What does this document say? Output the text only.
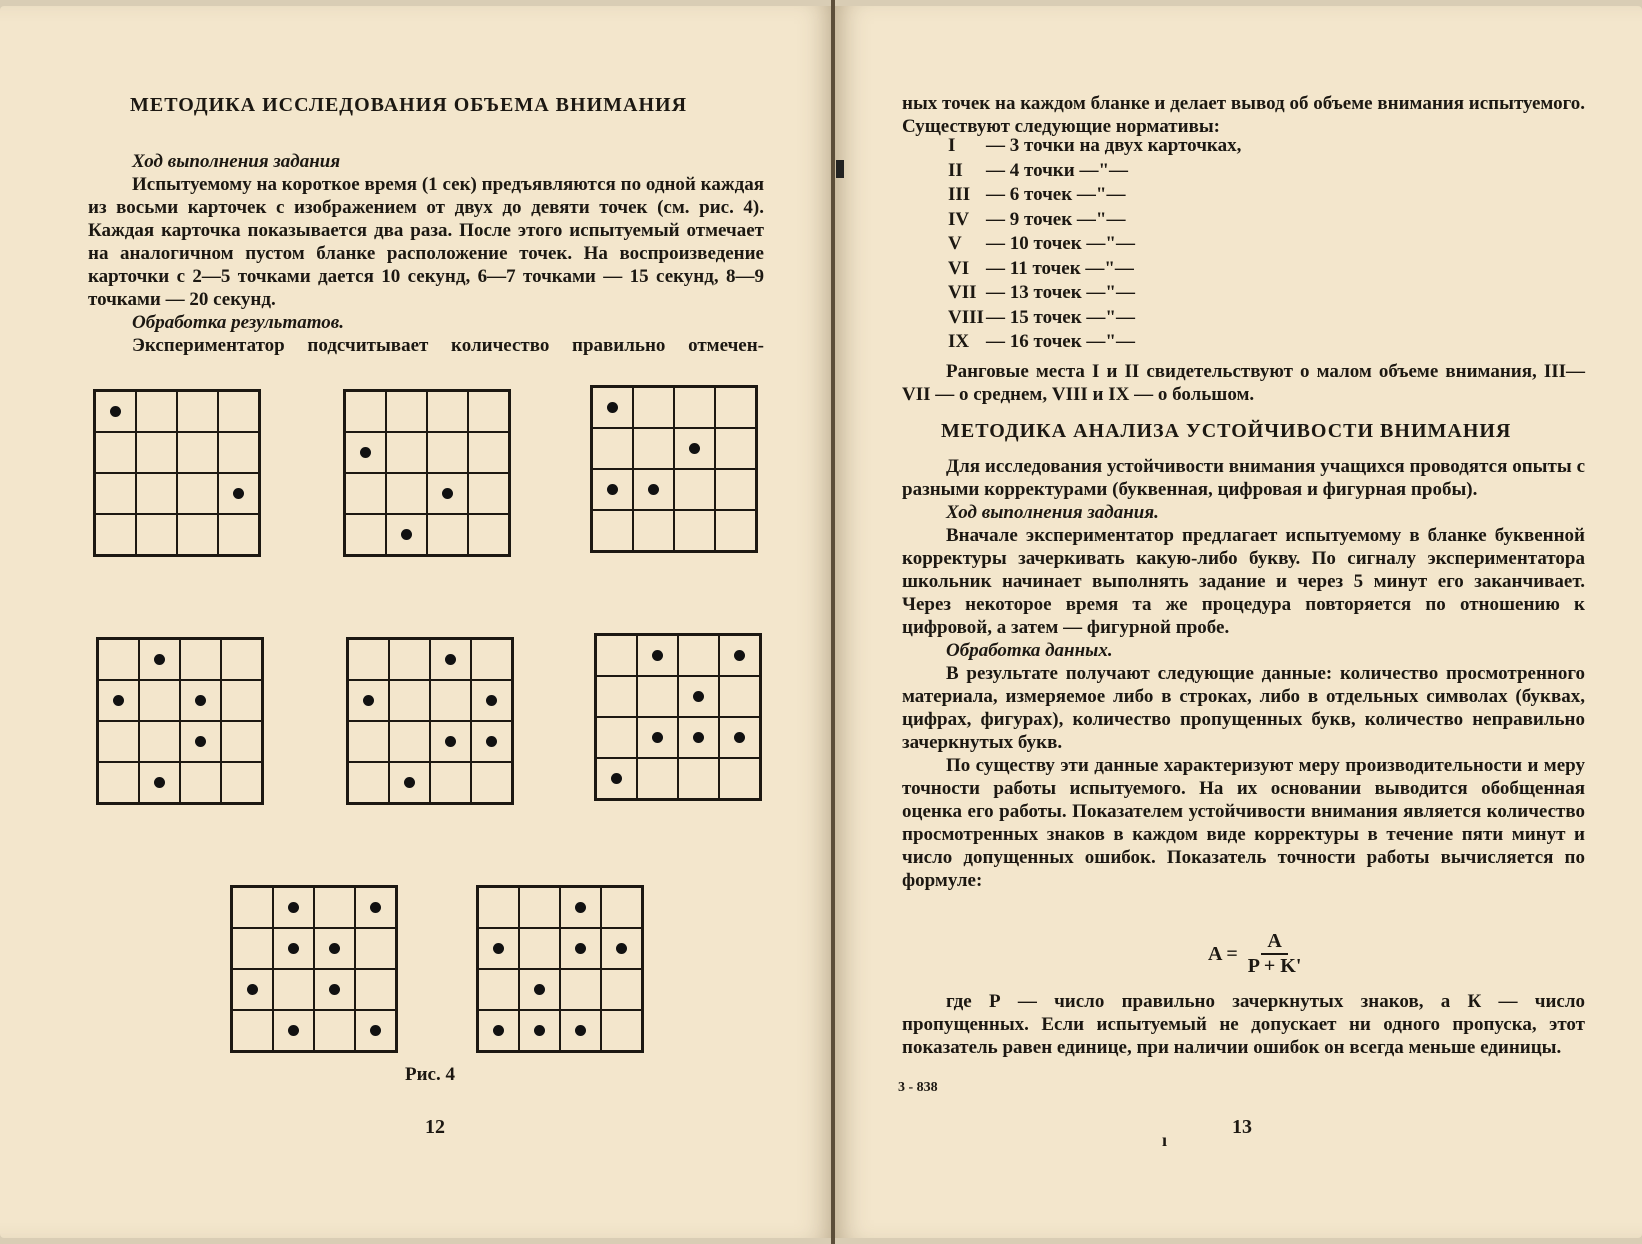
МЕТОДИКА ИССЛЕДОВАНИЯ ОБЪЕМА ВНИМАНИЯ

Ход выполнения задания

Испытуемому на короткое время (1 сек) предъявляются по одной каждая из восьми карточек с изображением от двух до девяти точек (см. рис. 4). Каждая карточка показывается два раза. После этого испытуемый отмечает на аналогичном пустом бланке расположение точек. На воспроизведение карточки с 2—5 точками дается 10 секунд, 6—7 точками — 15 секунд, 8—9 точками — 20 секунд.

Обработка результатов.

Экспериментатор подсчитывает количество правильно отмечен-

Рис. 4
12

ных точек на каждом бланке и делает вывод об объеме внимания испытуемого. Существуют следующие нормативы:

I	— 3 точки на двух карточках,
II	— 4 точки —"—
III — 6 точек —"—
IV — 9 точек —"—
V	— 10 точек —"—
VI — 11 точек —"—
VII — 13 точек —"—
VIII — 15 точек —"—
IX — 16 точек —"—

Ранговые места I и II свидетельствуют о малом объеме внимания, III—VII — о среднем, VIII и IX — о большом.

МЕТОДИКА АНАЛИЗА УСТОЙЧИВОСТИ ВНИМАНИЯ

Для исследования устойчивости внимания учащихся проводятся опыты с разными корректурами (буквенная, цифровая и фигурная пробы).

Ход выполнения задания.

Вначале экспериментатор предлагает испытуемому в бланке буквенной корректуры зачеркивать какую-либо букву. По сигналу экспериментатора школьник начинает выполнять задание и через 5 минут его заканчивает. Через некоторое время та же процедура повторяется по отношению к цифровой, а затем — фигурной пробе.

Обработка данных.

В результате получают следующие данные: количество просмотренного материала, измеряемое либо в строках, либо в отдельных символах (буквах, цифрах, фигурах), количество пропущенных букв, количество неправильно зачеркнутых букв.

По существу эти данные характеризуют меру производительности и меру точности работы испытуемого. На их основании выводится обобщенная оценка его работы. Показателем устойчивости внимания является количество просмотренных знаков в каждом виде корректуры в течение пяти минут и число допущенных ошибок. Показатель точности работы вычисляется по формуле:

$A = \frac{A}{P + K'}$

где Р — число правильно зачеркнутых знаков, а К — число пропущенных. Если испытуемый не допускает ни одного пропуска, этот показатель равен единице, при наличии ошибок он всегда меньше единицы.

3 - 838
ı
13
